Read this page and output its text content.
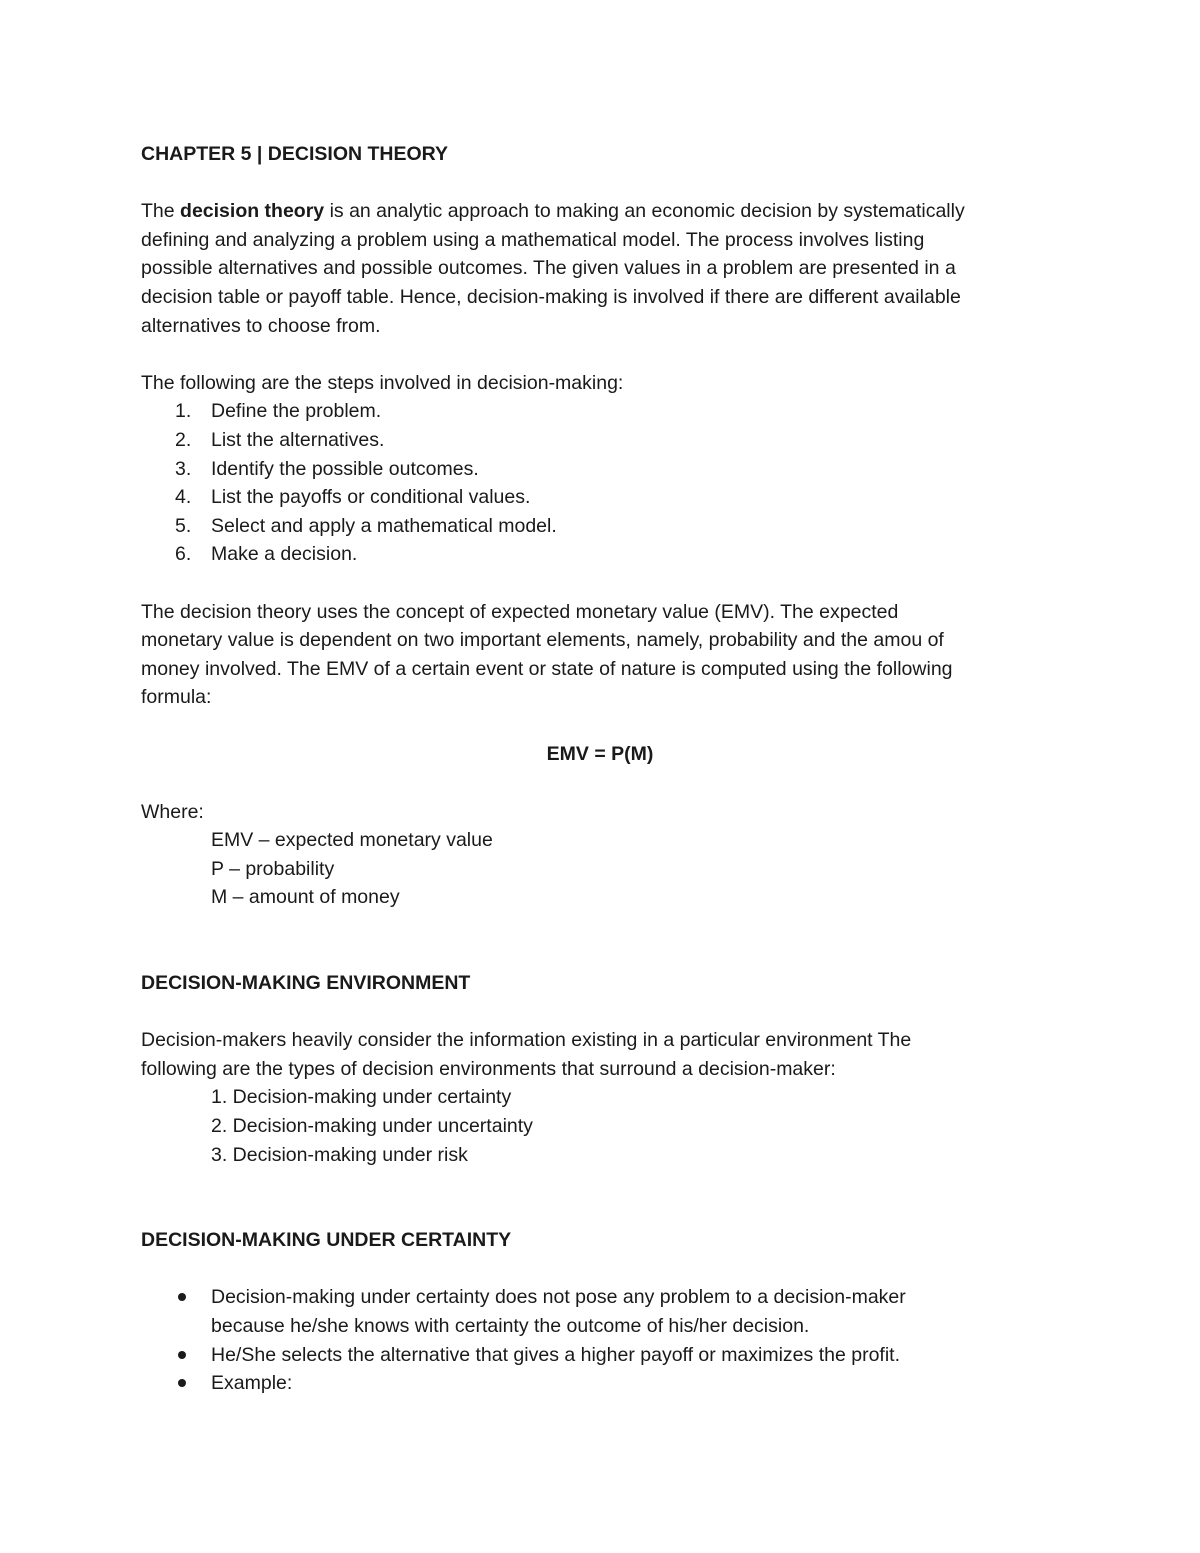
CHAPTER 5 | DECISION THEORY
The decision theory is an analytic approach to making an economic decision by systematically
defining and analyzing a problem using a mathematical model. The process involves listing
possible alternatives and possible outcomes. The given values in a problem are presented in a
decision table or payoff table. Hence, decision-making is involved if there are different available
alternatives to choose from.
The following are the steps involved in decision-making:
1.	Define the problem.
2.	List the alternatives.
3.	Identify the possible outcomes.
4.	List the payoffs or conditional values.
5.	Select and apply a mathematical model.
6.	Make a decision.
The decision theory uses the concept of expected monetary value (EMV). The expected
monetary value is dependent on two important elements, namely, probability and the amou of
money involved. The EMV of a certain event or state of nature is computed using the following
formula:
EMV = P(M)
Where:
EMV – expected monetary value
P – probability
M – amount of money
DECISION-MAKING ENVIRONMENT
Decision-makers heavily consider the information existing in a particular environment The
following are the types of decision environments that surround a decision-maker:
1. Decision-making under certainty
2. Decision-making under uncertainty
3. Decision-making under risk
DECISION-MAKING UNDER CERTAINTY
Decision-making under certainty does not pose any problem to a decision-maker
because he/she knows with certainty the outcome of his/her decision.
He/She selects the alternative that gives a higher payoff or maximizes the profit.
Example:
